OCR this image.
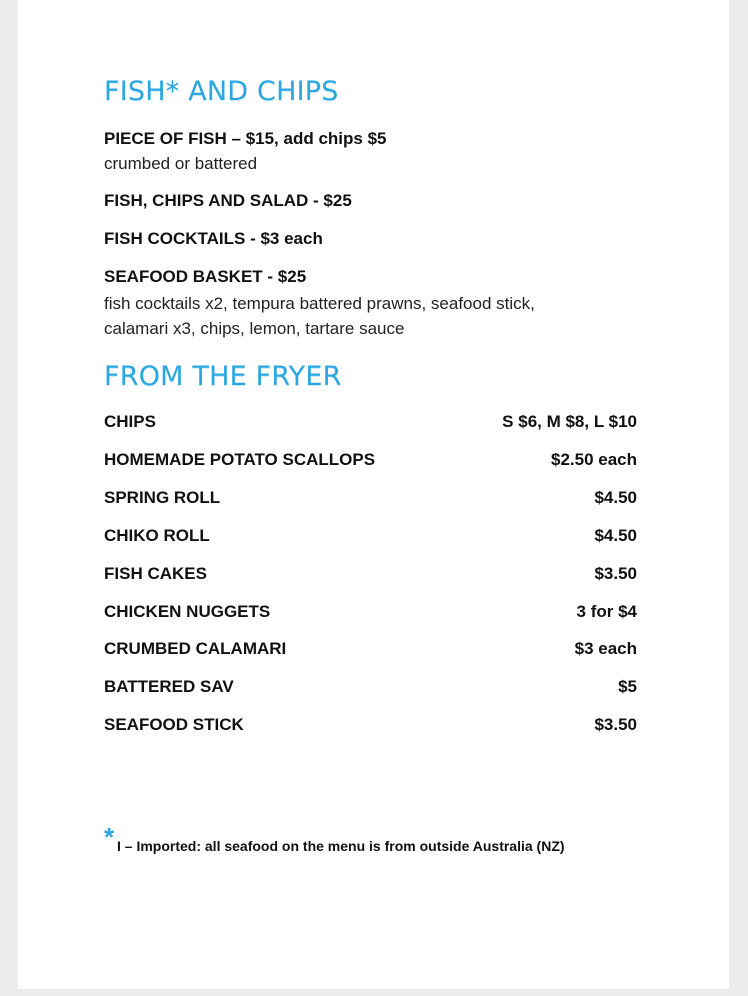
FISH* AND CHIPS
PIECE OF FISH – $15, add chips $5
crumbed or battered
FISH, CHIPS AND SALAD - $25
FISH COCKTAILS - $3 each
SEAFOOD BASKET - $25
fish cocktails x2, tempura battered prawns, seafood stick,
calamari x3, chips, lemon, tartare sauce
FROM THE FRYER
CHIPS	S $6, M $8, L $10
HOMEMADE POTATO SCALLOPS	$2.50 each
SPRING ROLL	$4.50
CHIKO ROLL	$4.50
FISH CAKES	$3.50
CHICKEN NUGGETS	3 for $4
CRUMBED CALAMARI	$3 each
BATTERED SAV	$5
SEAFOOD STICK	$3.50
* I – Imported: all seafood on the menu is from outside Australia (NZ)
